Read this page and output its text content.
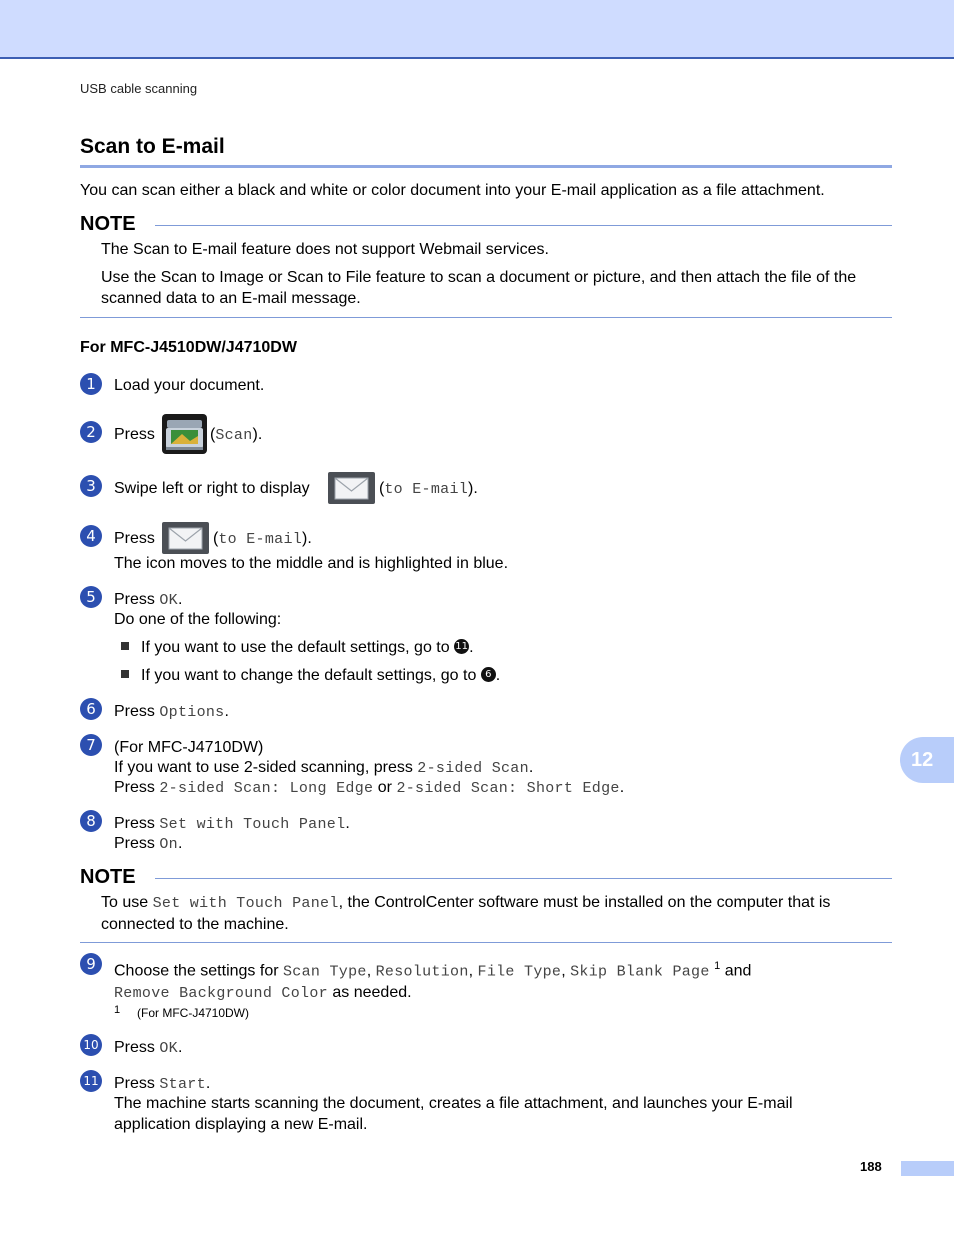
USB cable scanning
Scan to E-mail
You can scan either a black and white or color document into your E-mail application as a file attachment.
NOTE
The Scan to E-mail feature does not support Webmail services.
Use the Scan to Image or Scan to File feature to scan a document or picture, and then attach the file of the scanned data to an E-mail message.
For MFC-J4510DW/J4710DW
1	Load your document.
2	Press	(Scan).
3	Swipe left or right to display	(to E-mail).
4	Press	(to E-mail).
The icon moves to the middle and is highlighted in blue.
5	Press OK.
Do one of the following:
If you want to use the default settings, go to 11.
If you want to change the default settings, go to 6 .
6	Press Options.
7	(For MFC-J4710DW)
If you want to use 2-sided scanning, press 2-sided Scan.
Press 2-sided Scan: Long Edge or 2-sided Scan: Short Edge.
8	Press Set with Touch Panel.
Press On.
NOTE
To use Set with Touch Panel, the ControlCenter software must be installed on the computer that is connected to the machine.
9	Choose the settings for Scan Type, Resolution, File Type, Skip Blank Page $^1$ and
Remove Background Color as needed.
1 (For MFC-J4710DW)
10 Press OK.
11 Press Start.
The machine starts scanning the document, creates a file attachment, and launches your E-mail
application displaying a new E-mail.
12
188
